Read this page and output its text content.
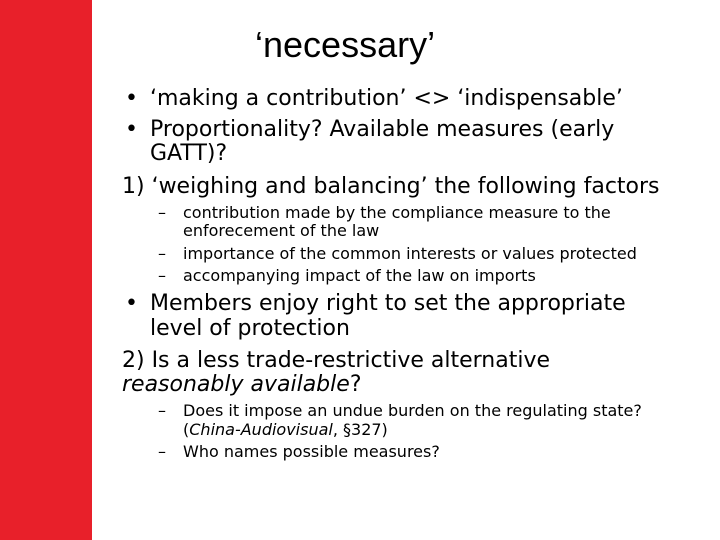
‘necessary’
• ‘making a contribution’ <> ‘indispensable’
• Proportionality? Available measures (early
GATT)?
1) ‘weighing and balancing’ the following factors
– contribution made by the compliance measure to the
enforecement of the law
– importance of the common interests or values protected
– accompanying impact of the law on imports
• Members enjoy right to set the appropriate
level of protection
2) Is a less trade-restrictive alternative
reasonably available?
– Does it impose an undue burden on the regulating state?
(China-Audiovisual, §327)
– Who names possible measures?
